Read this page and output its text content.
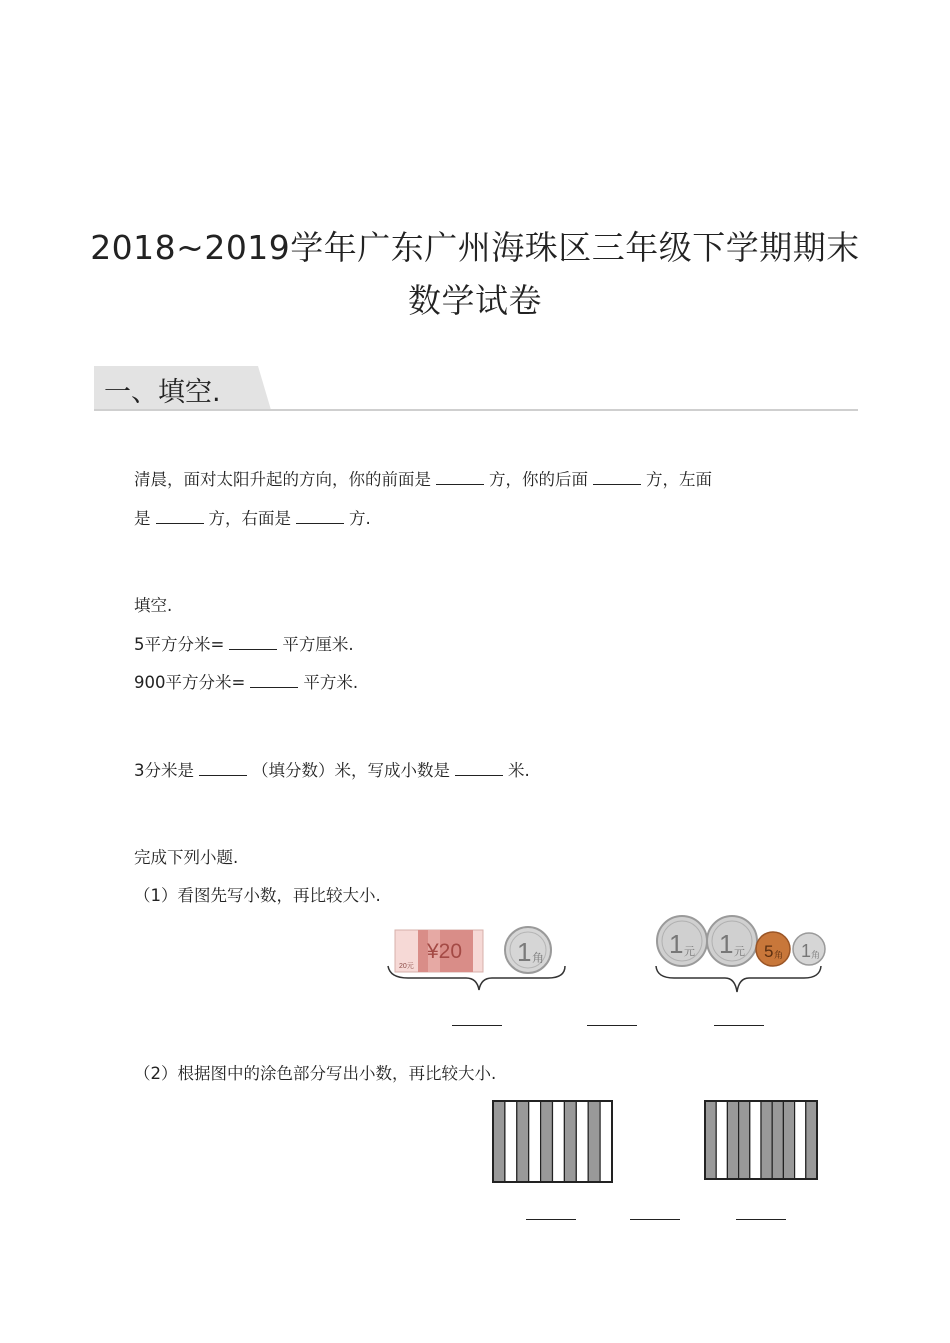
2018~2019学年广东广州海珠区三年级下学期期末
数学试卷
一、填空.
清晨，面对太阳升起的方向，你的前面是	方，你的后面	方，左面
是	方，右面是	方.
填空.
5平方分米=	平方厘米.
900平方分米=	平方米.
3分米是	（填分数）米，写成小数是	米.
完成下列小题.
（1）看图先写小数，再比较大小.
¥20
20元	1 角	1 元 1 元 5 角 1 角
（2）根据图中的涂色部分写出小数，再比较大小.
